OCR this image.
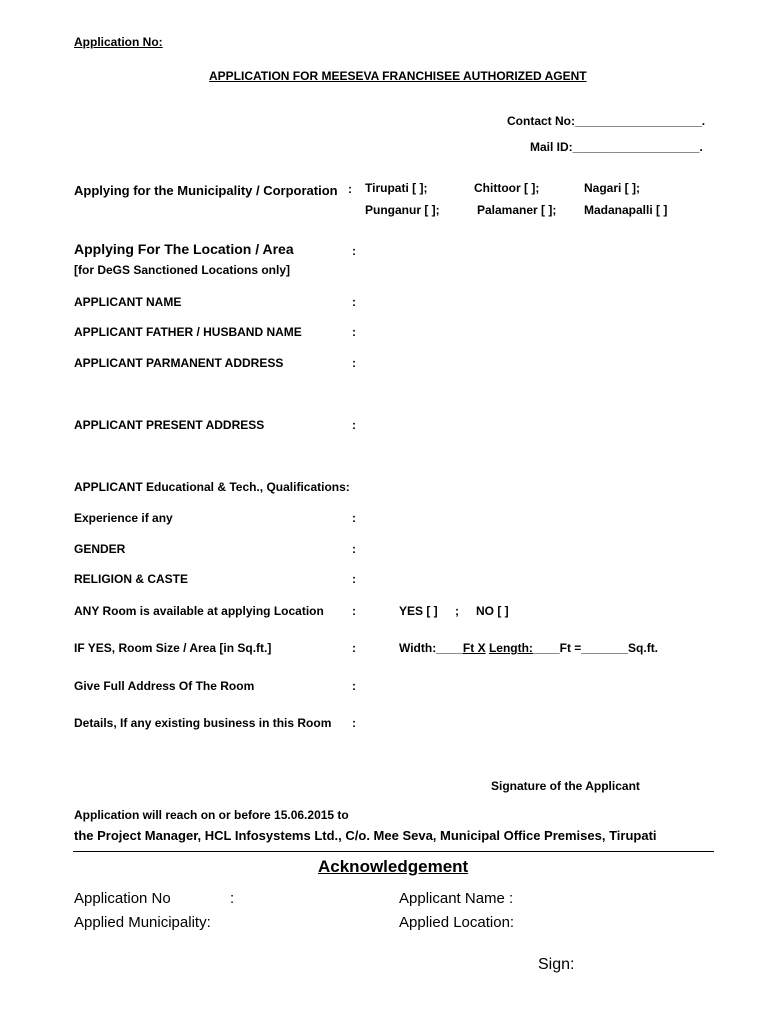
Application No:
APPLICATION FOR MEESEVA FRANCHISEE AUTHORIZED AGENT
Contact No:___________________.
Mail ID:___________________.
Applying for the Municipality / Corporation : Tirupati [ ];	Chittoor [ ];	Nagari [ ];
Punganur [ ];	Palamaner [ ]; Madanapalli [ ]
Applying For The Location / Area	:
[for DeGS Sanctioned Locations only]
APPLICANT NAME	:
APPLICANT FATHER / HUSBAND NAME	:
APPLICANT PARMANENT ADDRESS	:
APPLICANT PRESENT ADDRESS	:
APPLICANT Educational & Tech., Qualifications:
Experience if any	:
GENDER	:
RELIGION & CASTE	:
ANY Room is available at applying Location :	YES [ ] ; NO [ ]
IF YES, Room Size / Area [in Sq.ft.]	:	Width:____Ft X Length:____Ft =_______Sq.ft.
Give Full Address Of The Room	:
Details, If any existing business in this Room :
Signature of the Applicant
Application will reach on or before 15.06.2015 to
the Project Manager, HCL Infosystems Ltd., C/o. Mee Seva, Municipal Office Premises, Tirupati
Acknowledgement
Application No	:	Applicant Name :
Applied Municipality:	Applied Location:
Sign:
